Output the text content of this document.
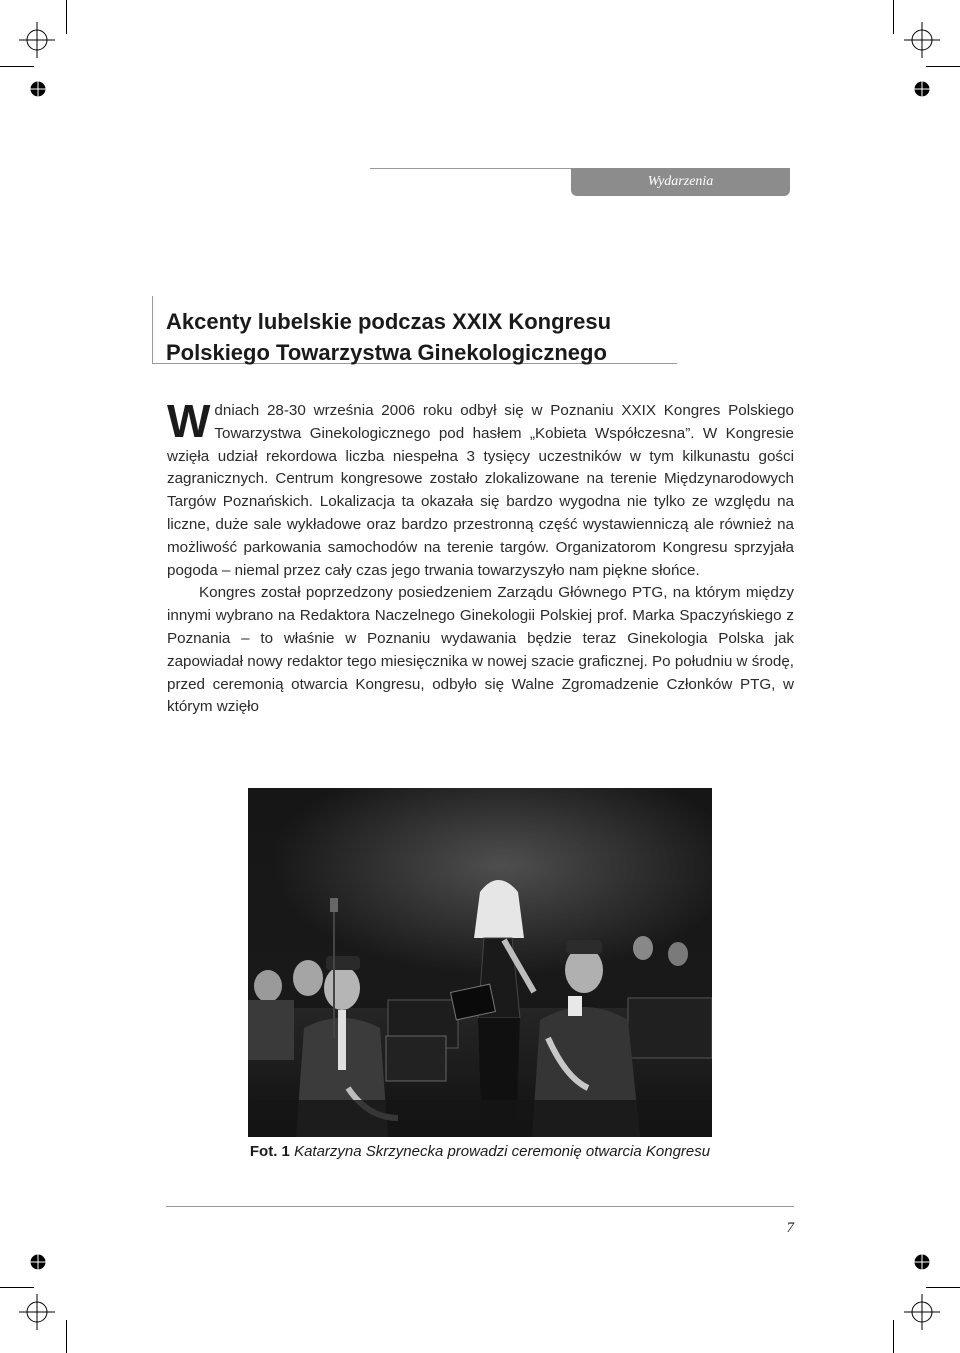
Wydarzenia
Akcenty lubelskie podczas XXIX Kongresu
Polskiego Towarzystwa Ginekologicznego

Wdniach 28-30 września 2006 roku odbył się w Poznaniu XXIX Kongres Polskiego Towarzystwa Ginekologicznego pod hasłem „Kobieta Współczesna”. W Kongresie wzięła udział rekordowa liczba niespełna 3 tysięcy uczestników w tym kilkunastu gości zagranicznych. Centrum kongresowe zostało zlokalizowane na terenie Międzynarodowych Targów Poznańskich. Lokalizacja ta okazała się bardzo wygodna nie tylko ze względu na liczne, duże sale wykładowe oraz bardzo przestronną część wystawienniczą ale również na możliwość parkowania samochodów na terenie targów. Organizatorom Kongresu sprzyjała pogoda – niemal przez cały czas jego trwania towarzyszyło nam piękne słońce.

Kongres został poprzedzony posiedzeniem Zarządu Głównego PTG, na którym między innymi wybrano na Redaktora Naczelnego Ginekologii Polskiej prof. Marka Spaczyńskiego z Poznania – to właśnie w Poznaniu wydawania będzie teraz Ginekologia Polska jak zapowiadał nowy redaktor tego miesięcznika w nowej szacie graficznej. Po południu w środę, przed ceremonią otwarcia Kongresu, odbyło się Walne Zgromadzenie Członków PTG, w którym wzięło

Fot. 1 Katarzyna Skrzynecka prowadzi ceremonię otwarcia Kongresu
7
